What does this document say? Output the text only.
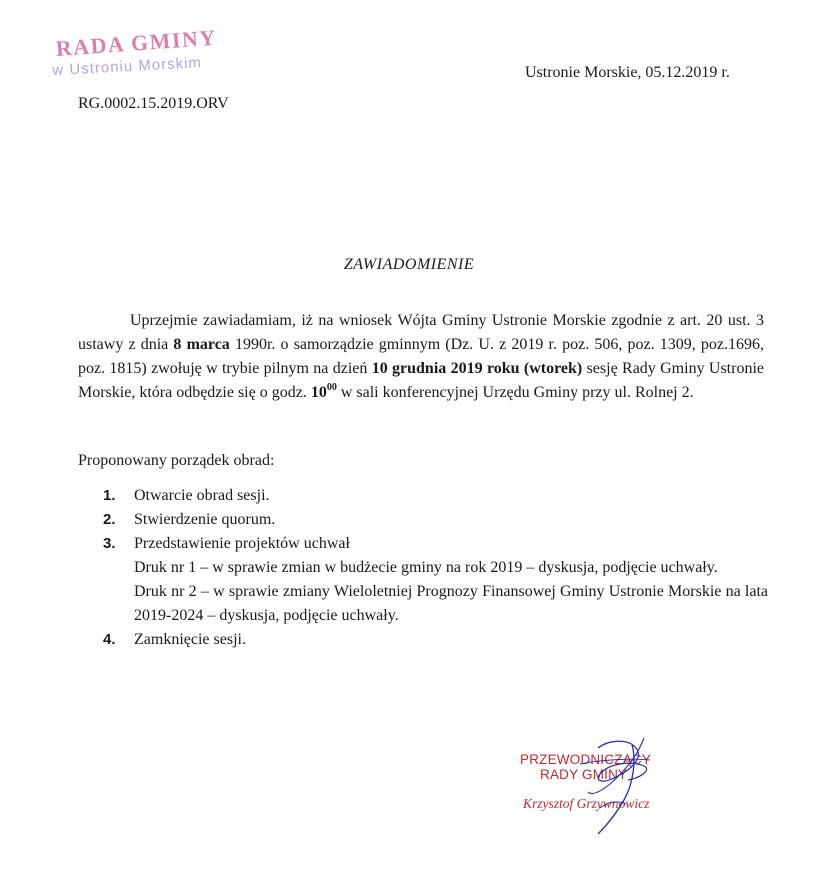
RADA GMINY
w Ustroniu Morskim
RG.0002.15.2019.ORV
Ustronie Morskie, 05.12.2019 r.
ZAWIADOMIENIE

Uprzejmie zawiadamiam, iż na wniosek Wójta Gminy Ustronie Morskie zgodnie z art. 20 ust. 3 ustawy z dnia 8 marca 1990r. o samorządzie gminnym (Dz. U. z 2019 r. poz. 506, poz. 1309, poz.1696, poz. 1815) zwołuję w trybie pilnym na dzień 10 grudnia 2019 roku (wtorek) sesję Rady Gminy Ustronie Morskie, która odbędzie się o godz. $10^{00}$ w sali konferencyjnej Urzędu Gminy przy ul. Rolnej 2.

Proponowany porządek obrad:
1. Otwarcie obrad sesji.
2. Stwierdzenie quorum.
3. Przedstawienie projektów uchwał

Druk nr 1 – w sprawie zmian w budżecie gminy na rok 2019 – dyskusja, podjęcie uchwały.

Druk nr 2 – w sprawie zmiany Wieloletniej Prognozy Finansowej Gminy Ustronie Morskie na lata 2019-2024 – dyskusja, podjęcie uchwały.

4. Zamknięcie sesji.
PRZEWODNICZĄCY
RADY GMINY
Krzysztof Grzywnowicz
